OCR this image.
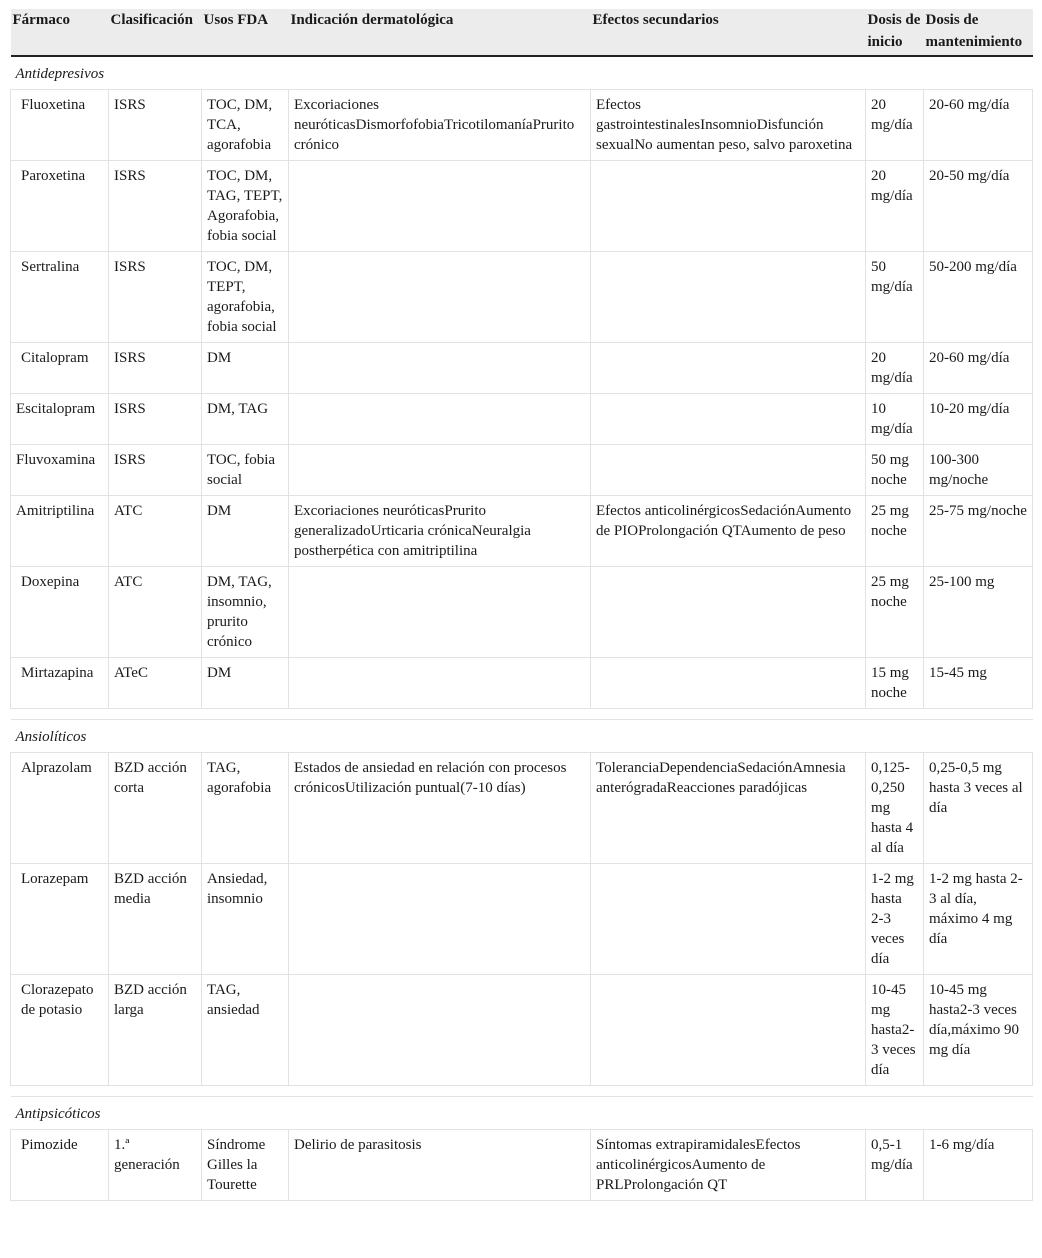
Fármaco	Clasificación	Usos FDA	Indicación dermatológica	Efectos secundarios	Dosis de inicio	Dosis de mantenimiento
Antidepresivos						
Fluoxetina	ISRS	TOC, DM, TCA, agorafobia	Excoriaciones neuróticasDismorfofobiaTricotilomaníaPrurito crónico	Efectos gastrointestinalesInsomnioDisfunción sexualNo aumentan peso, salvo paroxetina	20 mg/día	20-60 mg/día
Paroxetina	ISRS	TOC, DM, TAG, TEPT, Agorafobia, fobia social			20 mg/día	20-50 mg/día
Sertralina	ISRS	TOC, DM, TEPT, agorafobia, fobia social			50 mg/día	50-200 mg/día
Citalopram	ISRS	DM			20 mg/día	20-60 mg/día
Escitalopram	ISRS	DM, TAG			10 mg/día	10-20 mg/día
Fluvoxamina	ISRS	TOC, fobia social			50 mg noche	100-300 mg/noche
Amitriptilina	ATC	DM	Excoriaciones neuróticasPrurito generalizadoUrticaria crónicaNeuralgia postherpética con amitriptilina	Efectos anticolinérgicosSedaciónAumento de PIOProlongación QTAumento de peso	25 mg noche	25-75 mg/noche
Doxepina	ATC	DM, TAG, insomnio, prurito crónico			25 mg noche	25-100 mg
Mirtazapina	ATeC	DM			15 mg noche	15-45 mg

Ansiolíticos						
Alprazolam	BZD acción corta	TAG, agorafobia	Estados de ansiedad en relación con procesos crónicosUtilización puntual(7-10 días)	ToleranciaDependenciaSedaciónAmnesia anterógradaReacciones paradójicas	0,125-0,250 mg hasta 4 al día	0,25-0,5 mg hasta 3 veces al día
Lorazepam	BZD acción media	Ansiedad, insomnio			1-2 mg hasta 2-3 veces día	1-2 mg hasta 2-3 al día, máximo 4 mg día
Clorazepato de potasio	BZD acción larga	TAG, ansiedad			10-45 mg hasta2-3 veces día	10-45 mg hasta2-3 veces día,máximo 90 mg día

Antipsicóticos						
Pimozide	1.ª generación	Síndrome Gilles la Tourette	Delirio de parasitosis	Síntomas extrapiramidalesEfectos anticolinérgicosAumento de PRLProlongación QT	0,5-1 mg/día	1-6 mg/día
